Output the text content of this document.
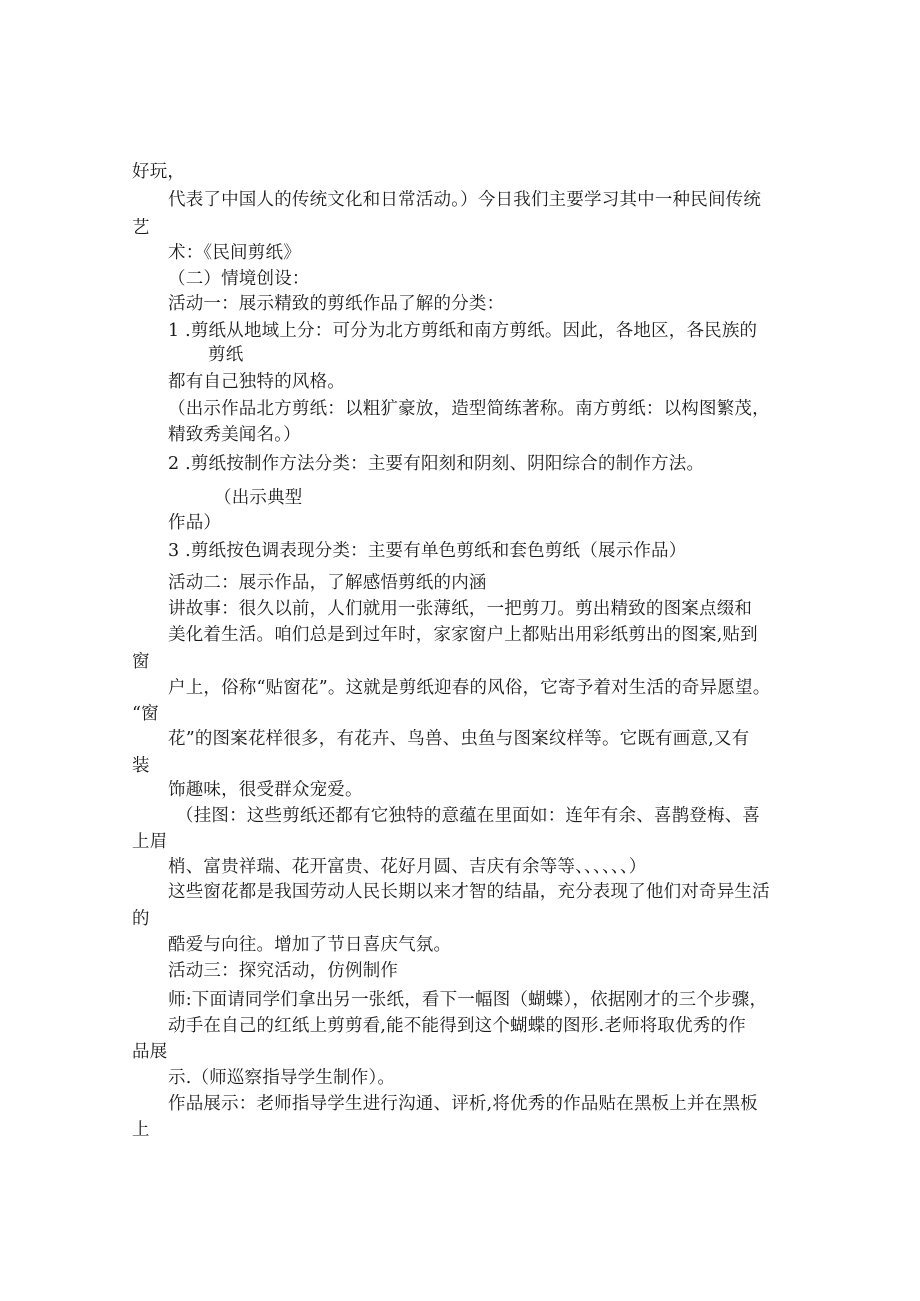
好玩，
代表了中国人的传统文化和日常活动。）今日我们主要学习其中一种民间传统
艺
术：《民间剪纸》
（二）情境创设：
活动一：展示精致的剪纸作品了解的分类：
1 .剪纸从地域上分：可分为北方剪纸和南方剪纸。因此，各地区，各民族的
剪纸
都有自己独特的风格。
（出示作品北方剪纸：以粗犷豪放，造型简练著称。南方剪纸：以构图繁茂，
精致秀美闻名。）
2 .剪纸按制作方法分类：主要有阳刻和阴刻、阴阳综合的制作方法。
（出示典型
作品）
3 .剪纸按色调表现分类：主要有单色剪纸和套色剪纸（展示作品）
活动二：展示作品，了解感悟剪纸的内涵
讲故事：很久以前，人们就用一张薄纸，一把剪刀。剪出精致的图案点缀和
美化着生活。咱们总是到过年时，家家窗户上都贴出用彩纸剪出的图案,贴到
窗
户上，俗称“贴窗花”。这就是剪纸迎春的风俗，它寄予着对生活的奇异愿望。
“窗
花”的图案花样很多，有花卉、鸟兽、虫鱼与图案纹样等。它既有画意,又有
装
饰趣味，很受群众宠爱。
（挂图：这些剪纸还都有它独特的意蕴在里面如：连年有余、喜鹊登梅、喜
上眉
梢、富贵祥瑞、花开富贵、花好月圆、吉庆有余等等、、、、、、）
这些窗花都是我国劳动人民长期以来才智的结晶，充分表现了他们对奇异生活
的
酷爱与向往。增加了节日喜庆气氛。
活动三：探究活动，仿例制作
师:下面请同学们拿出另一张纸，看下一幅图（蝴蝶），依据刚才的三个步骤，
动手在自己的红纸上剪剪看,能不能得到这个蝴蝶的图形.老师将取优秀的作
品展
示.（师巡察指导学生制作）。
作品展示：老师指导学生进行沟通、评析,将优秀的作品贴在黑板上并在黑板
上
